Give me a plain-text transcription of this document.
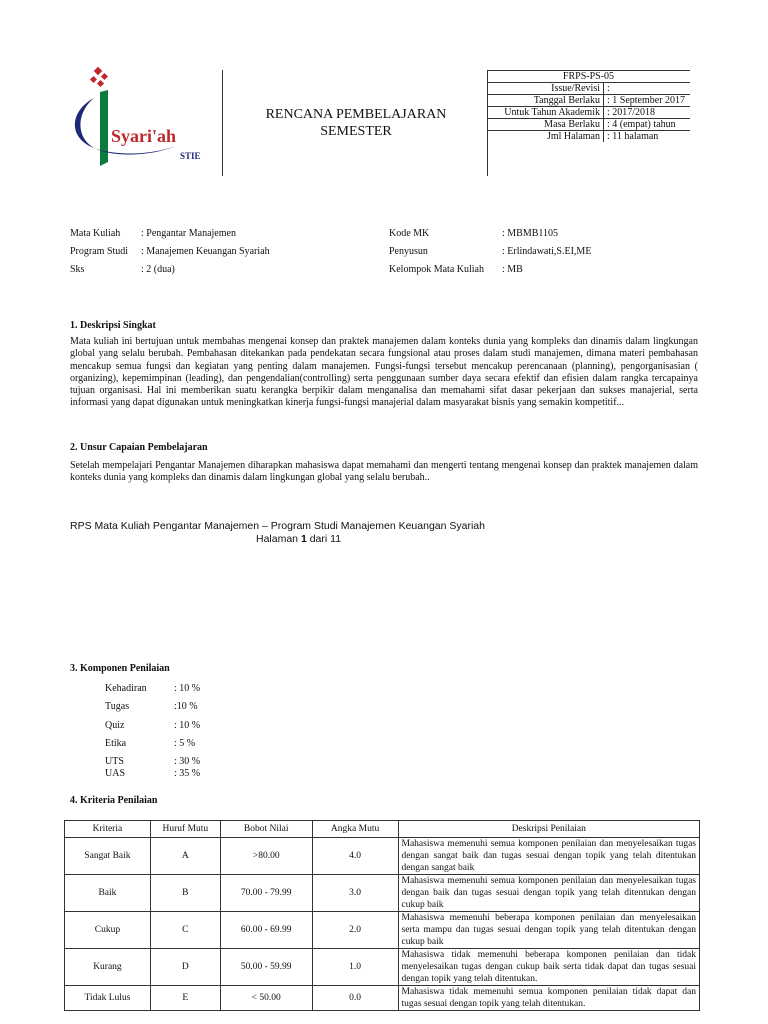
Syari'ah
STIE
RENCANA PEMBELAJARAN
SEMESTER
FRPS-PS-05	
Issue/Revisi	:
Tanggal Berlaku	: 1 September 2017
Untuk Tahun Akademik	: 2017/2018
Masa Berlaku	: 4 (empat) tahun
Jml Halaman	: 11 halaman
Mata Kuliah : Pengantar Manajemen
Program Studi : Manajemen Keuangan Syariah
Sks	: 2 (dua)
Kode MK	: MBMB1105
Penyusun	: Erlindawati,S.EI,ME
Kelompok Mata Kuliah : MB
1. Deskripsi Singkat
Mata kuliah ini bertujuan untuk membahas mengenai konsep dan praktek manajemen dalam konteks dunia yang kompleks dan dinamis dalam lingkungan global yang selalu berubah. Pembahasan ditekankan pada pendekatan secara fungsional atau proses dalam studi manajemen, dimana materi pembahasan mencakup semua fungsi dan kegiatan yang penting dalam manajemen. Fungsi-fungsi tersebut mencakup perencanaan (planning), pengorganisasian ( organizing), kepemimpinan (leading), dan pengendalian(controlling) serta penggunaan sumber daya secara efektif dan efisien dalam rangka tercapainya tujuan organisasi. Hal ini memberikan suatu kerangka berpikir dalam menganalisa dan memahami sifat dasar pekerjaan dan sukses manajerial, serta informasi yang dapat digunakan untuk meningkatkan kinerja fungsi-fungsi manajerial dalam masyarakat bisnis yang semakin kompetitif...
2. Unsur Capaian Pembelajaran
Setelah mempelajari Pengantar Manajemen diharapkan mahasiswa dapat memahami dan mengerti tentang mengenai konsep dan praktek manajemen dalam konteks dunia yang kompleks dan dinamis dalam lingkungan global yang selalu berubah..
RPS Mata Kuliah Pengantar Manajemen – Program Studi Manajemen Keuangan Syariah
Halaman 1 dari 11
3. Komponen Penilaian
Kehadiran	: 10 %
Tugas	:10 %
Quiz	: 10 %
Etika	: 5 %
UTS	: 30 %
UAS	: 35 %
4. Kriteria Penilaian
Kriteria	Huruf Mutu	Bobot Nilai	Angka Mutu	Deskripsi Penilaian
Sangat Baik	A	>80.00	4.0	Mahasiswa memenuhi semua komponen penilaian dan menyelesaikan tugas dengan sangat baik dan tugas sesuai dengan topik yang telah ditentukan dengan sangat baik
Baik	B	70.00 - 79.99	3.0	Mahasiswa memenuhi semua komponen penilaian dan menyelesaikan tugas dengan baik dan tugas sesuai dengan topik yang telah ditentukan dengan cukup baik
Cukup	C	60.00 - 69.99	2.0	Mahasiswa memenuhi beberapa komponen penilaian dan menyelesaikan serta mampu dan tugas sesuai dengan topik yang telah ditentukan dengan cukup baik
Kurang	D	50.00 - 59.99	1.0	Mahasiswa tidak memenuhi beberapa komponen penilaian dan tidak menyelesaikan tugas dengan cukup baik serta tidak dapat dan tugas sesuai dengan topik yang telah ditentukan.
Tidak Lulus	E	< 50.00	0.0	Mahasiswa tidak memenuhi semua komponen penilaian tidak dapat dan tugas sesuai dengan topik yang telah ditentukan.
